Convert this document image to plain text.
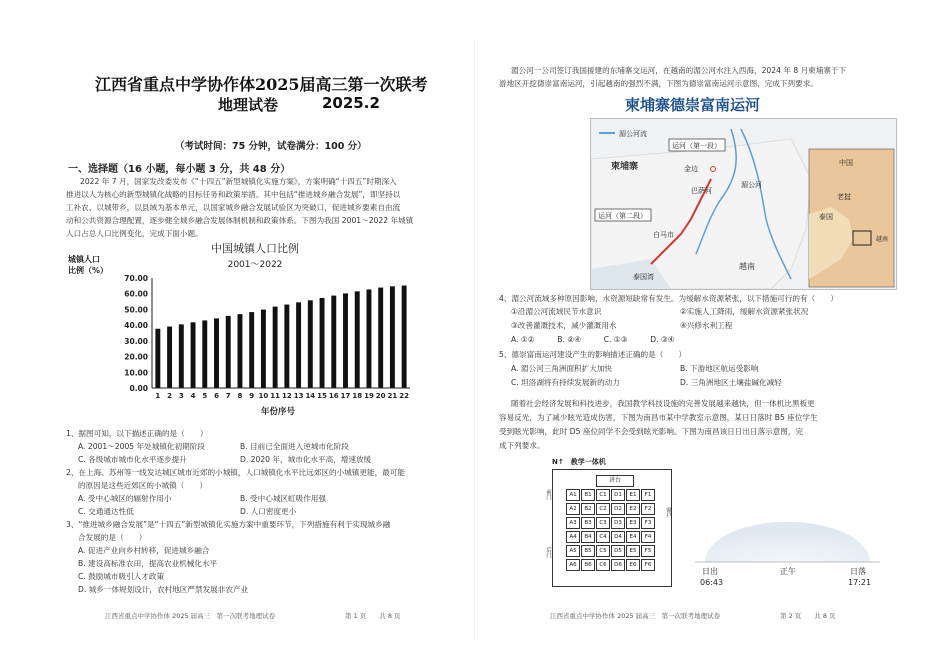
江西省重点中学协作体2025届高三第一次联考
地理试卷	2025.2
（考试时间：75 分钟，试卷满分：100 分）
一、选择题（16 小题，每小题 3 分，共 48 分）
2022 年 7 月，国家发改委发布《“十四五”新型城镇化实施方案》，方案明确“十四五”时期深入
推进以人为核心的新型城镇化战略的目标任务和政策举措。其中包括“推进城乡融合发展”，即坚持以
工补农、以城带乡，以县域为基本单元，以国家城乡融合发展试验区为突破口，促进城乡要素自由流
动和公共资源合理配置，逐步健全城乡融合发展体制机制和政策体系。下图为我国 2001～2022 年城镇
人口占总人口比例变化，完成下面小题。
中国城镇人口比例
2001～2022
城镇人口
比例（%）
0.00
10.00
20.00
30.00
40.00
50.00
60.00
70.00
1 2 3 4 5 6 7 8 9 10 11 12 13 14 15 16 17 18 19 20 21 22
年份序号
1、据图可知，以下描述正确的是（　　）
A. 2001～2005 年处城镇化初期阶段	B. 目前已全面进入逆城市化阶段
C. 各级城市城市化水平逐步提升	D. 2020 年，城市化水平高，增速放缓
2、在上海、苏州等一线发达城区城市近郊的小城镇，人口城镇化水平比远郊区的小城镇更能，最可能
的原因是这些近郊区的小城镇（　　）
A. 受中心城区的辐射作用小	B. 受中心城区虹吸作用强
C. 交通通达性低	D. 人口密度更小
3、“推进城乡融合发展”是“十四五”新型城镇化实施方案中重要环节，下列措施有利于实现城乡融
合发展的是（　　）
A. 促进产业向乡村转移，促进城乡融合
B. 建设高标准农田，提高农业机械化水平
C. 鼓励城市吸引人才政策
D. 城乡一体规划设计，农村地区严禁发展非农产业
江西省重点中学协作体 2025 届高三　第一次联考地理试卷	第 1 页　　共 8 页
湄公河一公司签订我国援建的东埔寨交运河，在越南的湄公河水注入西海，2024 年 8 月柬埔寨于下
游地区开挖德崇富南运河，引起越南的强烈不满，下图为德崇富南运河示意图，完成下列要求。
柬埔寨德崇富南运河
湄公河流
柬埔寨
运河（第一段）
运河（第二段）
金边
巴萨河
湄公河
白马市
泰国湾
越南
中国
老挝
泰国
越南
4、湄公河流域多种原因影响，水资源短缺常有发生。为缓解水资源紧张，以下措施可行的有（　　）
①沿湄公河流域民节水意识	②实施人工降雨，缓解水资源紧张状况
③改善灌溉技术，减少灌溉用水	④兴修水利工程
A. ①②　　　B. ②④　　　C. ①③　　　D. ③④
5、德崇富南运河建设产生的影响描述正确的是（　　）
A. 湄公河三角洲面积扩大加快	B. 下游地区航运受影响
C. 坦洛湖将有持续发展新的动力	D. 三角洲地区土壤盐碱化减轻
随着社会经济发展和科技进步，我国教学科技设施的完善发展越来越快，但一体机比黑板更
容易反光，为了减少眩光造成伤害，下图为南昌市某中学教室示意图，某日日落时 B5 座位学生
受到眩光影响，此时 D5 座位同学不会受到眩光影响。下图为南昌该日日出日落示意图，完
成下列要求。
N↑　教学一体机
讲台
前门
后门
窗户
A1	B1	C1	D1	E1	F1
A2	B2	C2	D2	E2	F2
A3	B3	C3	D3	E3	F3
A4	B4	C4	D4	E4	F4
A5	B5	C5	D5	E5	F5
A6	B6	C6	D6	E6	F6
日出
06:43
正午	日落
17:21
江西省重点中学协作体 2025 届高三　第一次联考地理试卷	第 2 页　　共 8 页
